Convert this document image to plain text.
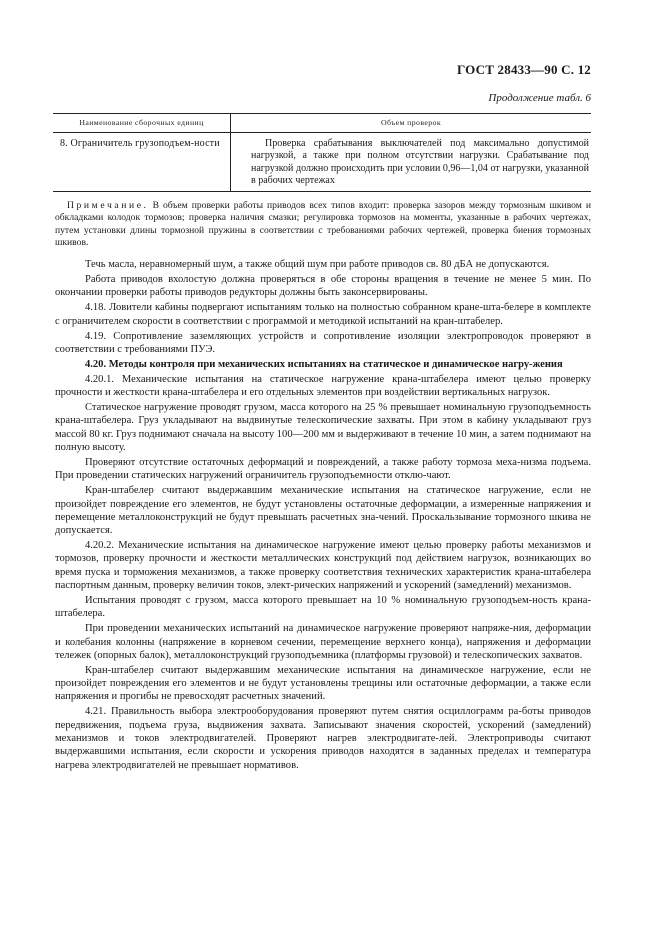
ГОСТ 28433—90 С. 12
Продолжение табл. 6
Наименование сборочных единиц	Объем проверок
8. Ограничитель грузоподъем-ности	Проверка срабатывания выключателей под максимально допустимой нагрузкой, а также при полном отсутствии нагрузки. Срабатывание под нагрузкой должно происходить при условии 0,96—1,04 от нагрузки, указанной в рабочих чертежах
Примечание. В объем проверки работы приводов всех типов входит: проверка зазоров между тормозным шкивом и обкладками колодок тормозов; проверка наличия смазки; регулировка тормозов на моменты, указанные в рабочих чертежах, путем установки длины тормозной пружины в соответствии с требованиями рабочих чертежей, проверка биения тормозных шкивов.

Течь масла, неравномерный шум, а также общий шум при работе приводов св. 80 дБА не допускаются.

Работа приводов вхолостую должна проверяться в обе стороны вращения в течение не менее 5 мин. По окончании проверки работы приводов редукторы должны быть законсервированы.

4.18. Ловители кабины подвергают испытаниям только на полностью собранном кране-шта-белере в комплекте с ограничителем скорости в соответствии с программой и методикой испытаний на кран-штабелер.

4.19. Сопротивление заземляющих устройств и сопротивление изоляции электропроводок проверяют в соответствии с требованиями ПУЭ.

4.20. Методы контроля при механических испытаниях на статическое и динамическое нагру-жения

4.20.1. Механические испытания на статическое нагружение крана-штабелера имеют целью проверку прочности и жесткости крана-штабелера и его отдельных элементов при воздействии вертикальных нагрузок.

Статическое нагружение проводят грузом, масса которого на 25 % превышает номинальную грузоподъемность крана-штабелера. Груз укладывают на выдвинутые телескопические захваты. При этом в кабину укладывают груз массой 80 кг. Груз поднимают сначала на высоту 100—200 мм и выдерживают в течение 10 мин, а затем поднимают на полную высоту.

Проверяют отсутствие остаточных деформаций и повреждений, а также работу тормоза меха-низма подъема. При проведении статических нагружений ограничитель грузоподъемности отклю-чают.

Кран-штабелер считают выдержавшим механические испытания на статическое нагружение, если не произойдет повреждение его элементов, не будут установлены остаточные деформации, а измеренные напряжения и перемещение металлоконструкций не будут превышать расчетных зна-чений. Проскальзывание тормозного шкива не допускается.

4.20.2. Механические испытания на динамическое нагружение имеют целью проверку работы механизмов и тормозов, проверку прочности и жесткости металлических конструкций под действием нагрузок, возникающих во время пуска и торможения механизмов, а также проверку соответствия технических характеристик крана-штабелера паспортным данным, проверку величин токов, элект-рических напряжений и ускорений (замедлений) механизмов.

Испытания проводят с грузом, масса которого превышает на 10 % номинальную грузоподъем-ность крана-штабелера.

При проведении механических испытаний на динамическое нагружение проверяют напряже-ния, деформации и колебания колонны (напряжение в корневом сечении, перемещение верхнего конца), напряжения и деформации тележек (опорных балок), металлоконструкций грузоподъемника (платформы грузовой) и телескопических захватов.

Кран-штабелер считают выдержавшим механические испытания на динамическое нагружение, если не произойдет повреждения его элементов и не будут установлены трещины или остаточные деформации, а также если напряжения и прогибы не превосходят расчетных значений.

4.21. Правильность выбора электрооборудования проверяют путем снятия осциллограмм ра-боты приводов передвижения, подъема груза, выдвижения захвата. Записывают значения скоростей, ускорений (замедлений) механизмов и токов электродвигателей. Проверяют нагрев электродвигате-лей. Электроприводы считают выдержавшими испытания, если скорости и ускорения приводов находятся в заданных пределах и температура нагрева электродвигателей не превышает нормативов.
